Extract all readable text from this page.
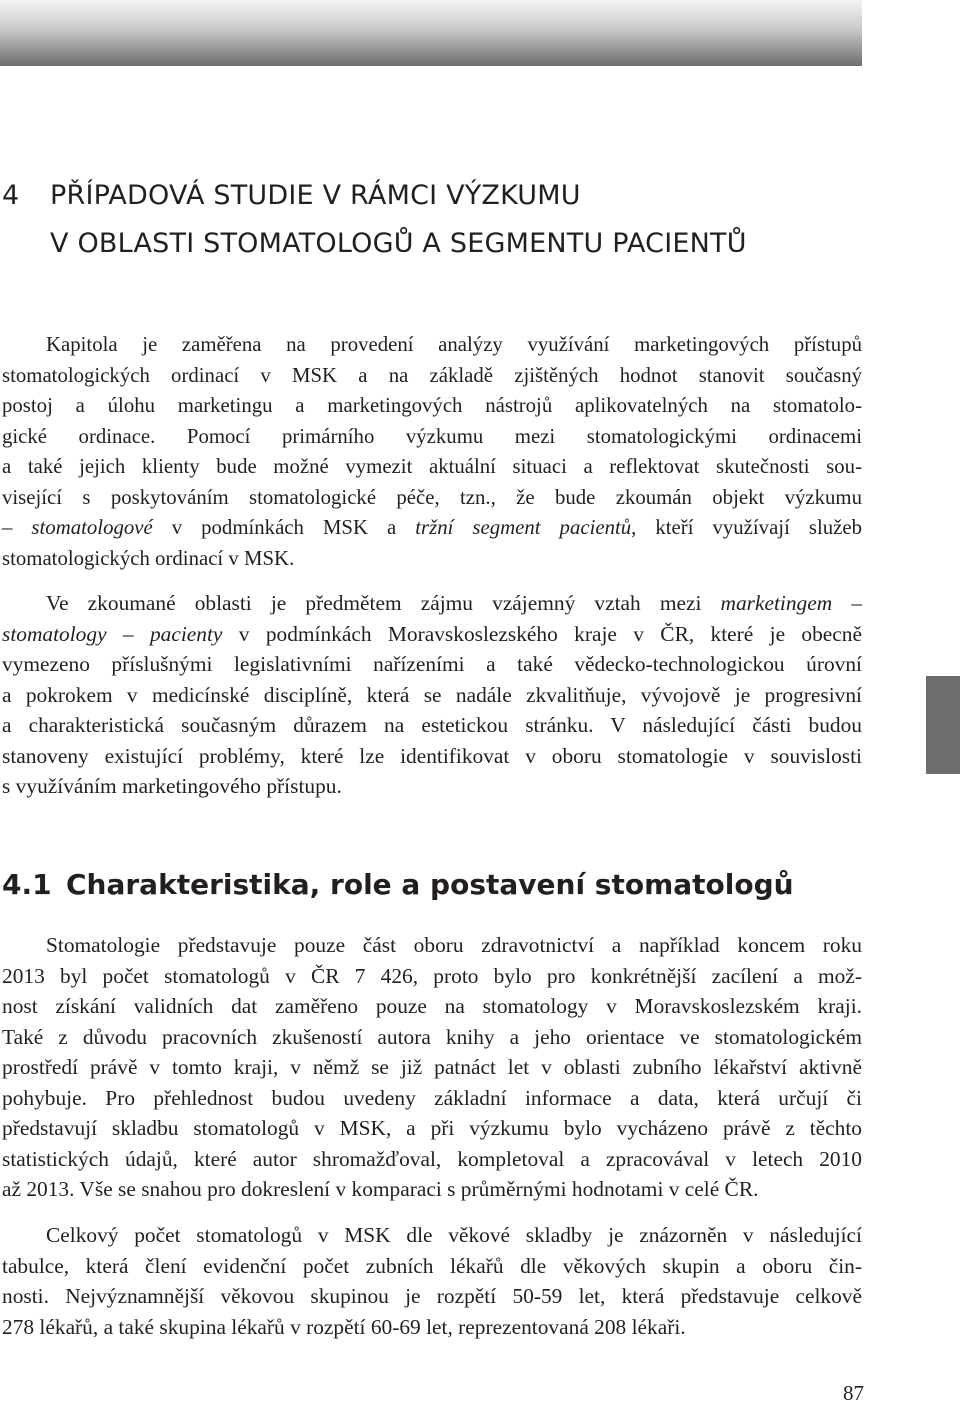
4 PŘÍPADOVÁ STUDIE V RÁMCI VÝZKUMU
V OBLASTI STOMATOLOGŮ A SEGMENTU PACIENTŮ

Kapitola je zaměřena na provedení analýzy využívání marketingových přístupů

stomatologických ordinací v MSK a na základě zjištěných hodnot stanovit současný

postoj a úlohu marketingu a marketingových nástrojů aplikovatelných na stomatolo-

gické ordinace. Pomocí primárního výzkumu mezi stomatologickými ordinacemi

a také jejich klienty bude možné vymezit aktuální situaci a reflektovat skutečnosti sou-

visející s poskytováním stomatologické péče, tzn., že bude zkoumán objekt výzkumu

– stomatologové v podmínkách MSK a tržní segment pacientů, kteří využívají služeb

stomatologických ordinací v MSK.

Ve zkoumané oblasti je předmětem zájmu vzájemný vztah mezi marketingem –

stomatology – pacienty v podmínkách Moravskoslezského kraje v ČR, které je obecně

vymezeno příslušnými legislativními nařízeními a také vědecko-technologickou úrovní

a pokrokem v medicínské disciplíně, která se nadále zkvalitňuje, vývojově je progresivní

a charakteristická současným důrazem na estetickou stránku. V následující části budou

stanoveny existující problémy, které lze identifikovat v oboru stomatologie v souvislosti

s využíváním marketingového přístupu.

4.1 Charakteristika, role a postavení stomatologů

Stomatologie představuje pouze část oboru zdravotnictví a například koncem roku

2013 byl počet stomatologů v ČR 7 426, proto bylo pro konkrétnější zacílení a mož-

nost získání validních dat zaměřeno pouze na stomatology v Moravskoslezském kraji.

Také z důvodu pracovních zkušeností autora knihy a jeho orientace ve stomatologickém

prostředí právě v tomto kraji, v němž se již patnáct let v oblasti zubního lékařství aktivně

pohybuje. Pro přehlednost budou uvedeny základní informace a data, která určují či

představují skladbu stomatologů v MSK, a při výzkumu bylo vycházeno právě z těchto

statistických údajů, které autor shromažďoval, kompletoval a zpracovával v letech 2010

až 2013. Vše se snahou pro dokreslení v komparaci s průměrnými hodnotami v celé ČR.

Celkový počet stomatologů v MSK dle věkové skladby je znázorněn v následující

tabulce, která člení evidenční počet zubních lékařů dle věkových skupin a oboru čin-

nosti. Nejvýznamnější věkovou skupinou je rozpětí 50-59 let, která představuje celkově

278 lékařů, a také skupina lékařů v rozpětí 60-69 let, reprezentovaná 208 lékaři.

87
